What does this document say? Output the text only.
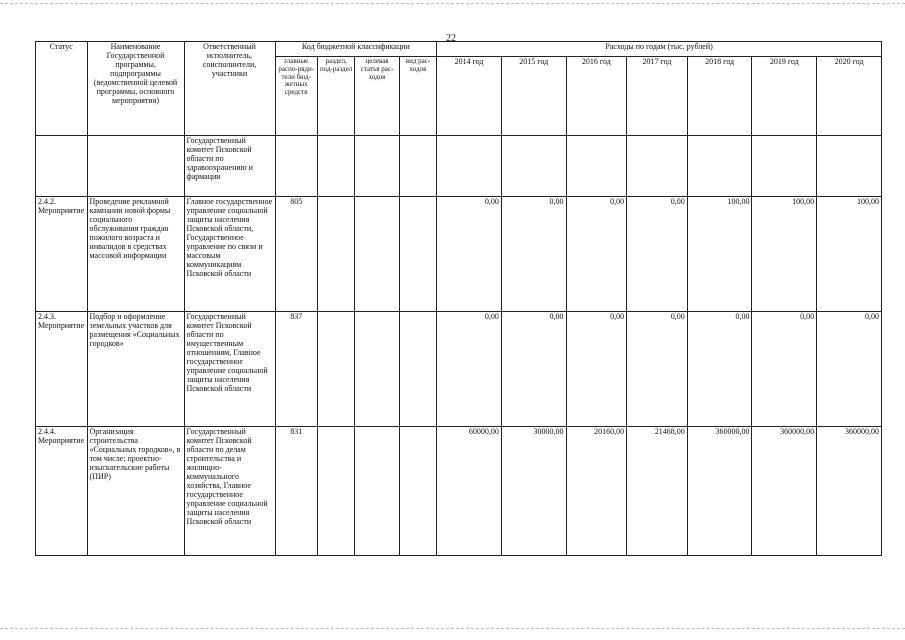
22
Статус	Наименование Государственной программы, подпрограммы (ведомственной целевой программы, основного мероприятия)	Ответственный исполнитель, соисполнители, участники	Код бюджетной классификации				Расходы по годам (тыс. рублей)						
			главные распо-ряди-тели бюд-жетных средств	раздел, под-раздел	целевая статья рас-ходов	вид рас-ходов	2014 год	2015 год	2016 год	2017 год	2018 год	2019 год	2020 год
		Государственный комитет Псковской области по здравоохранению и фармации											
2.4.2. Мероприятие	Проведение рекламной кампании новой формы социального обслуживания граждан пожилого возраста и инвалидов в средствах массовой информации	Главное государственное управление социальной защиты населения Псковской области, Государственное управление по связи и массовым коммуникациям Псковской области	805				0,00	0,00	0,00	0,00	100,00	100,00	100,00
2.4.3. Мероприятие	Подбор и оформление земельных участков для размещения «Социальных городков»	Государственный комитет Псковской области по имущественным отношениям, Главное государственное управление социальной защиты населения Псковской области	837				0,00	0,00	0,00	0,00	0,00	0,00	0,00
2.4.4. Мероприятие	Организация строительства «Социальных городков», в том числе: проектно-изыскательские работы (ПИР)	Государственный комитет Псковской области по делам строительства и жилищно-коммунального хозяйства, Главное государственное управление социальной защиты населения Псковской области	831				60000,00	30000,00	20160,00	21468,00	360000,00	360000,00	360000,00
